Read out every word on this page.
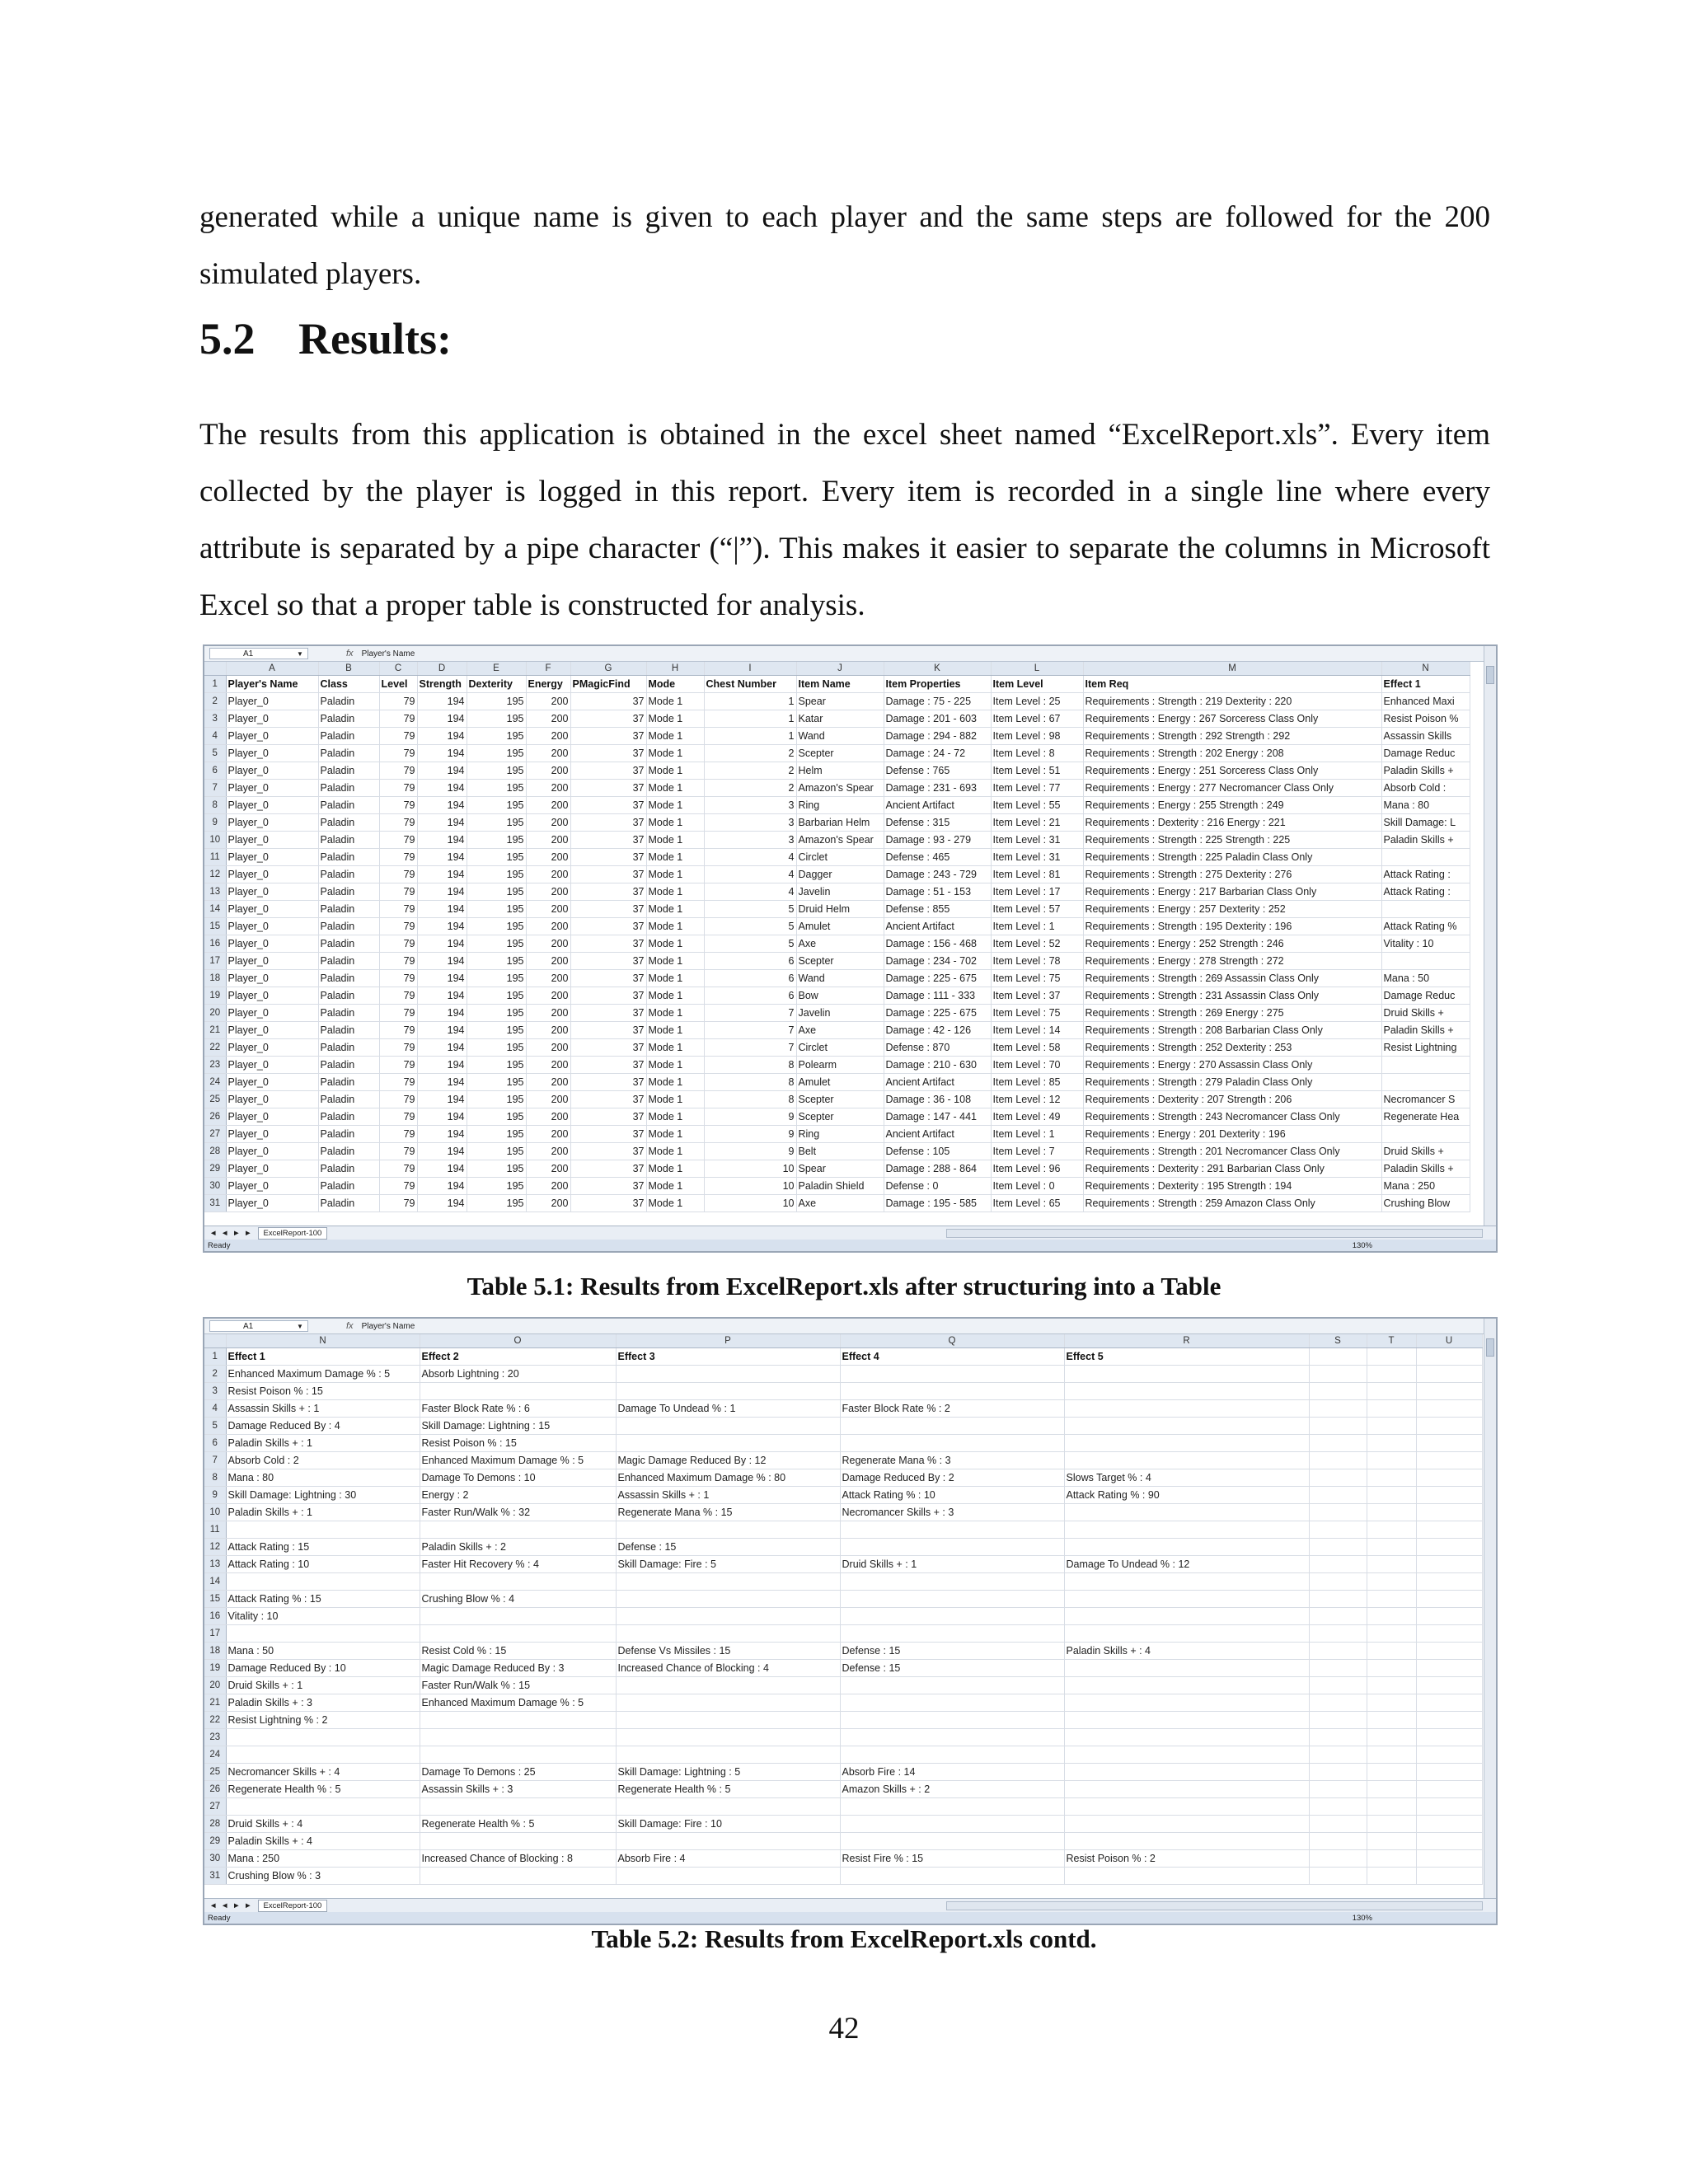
generated while a unique name is given to each player and the same steps are followed for the 200 simulated players.

5.2 Results:

The results from this application is obtained in the excel sheet named “ExcelReport.xls”. Every item collected by the player is logged in this report. Every item is recorded in a single line where every attribute is separated by a pipe character (“|”). This makes it easier to separate the columns in Microsoft Excel so that a proper table is constructed for analysis.

A1	▼	fx Player's Name
	A	B	C	D	E	F	G	H	I	J	K	L	M	N
1	Player's Name	Class	Level	Strength	Dexterity	Energy	PMagicFind	Mode	Chest Number	Item Name	Item Properties	Item Level	Item Req	Effect 1
2	Player_0	Paladin	79	194	195	200	37	Mode 1	1	Spear	Damage : 75 - 225	Item Level : 25	Requirements : Strength : 219 Dexterity : 220	Enhanced Maxi
3	Player_0	Paladin	79	194	195	200	37	Mode 1	1	Katar	Damage : 201 - 603	Item Level : 67	Requirements : Energy : 267 Sorceress Class Only	Resist Poison %
4	Player_0	Paladin	79	194	195	200	37	Mode 1	1	Wand	Damage : 294 - 882	Item Level : 98	Requirements : Strength : 292 Strength : 292	Assassin Skills
5	Player_0	Paladin	79	194	195	200	37	Mode 1	2	Scepter	Damage : 24 - 72	Item Level : 8	Requirements : Strength : 202 Energy : 208	Damage Reduc
6	Player_0	Paladin	79	194	195	200	37	Mode 1	2	Helm	Defense : 765	Item Level : 51	Requirements : Energy : 251 Sorceress Class Only	Paladin Skills +
7	Player_0	Paladin	79	194	195	200	37	Mode 1	2	Amazon's Spear	Damage : 231 - 693	Item Level : 77	Requirements : Energy : 277 Necromancer Class Only	Absorb Cold :
8	Player_0	Paladin	79	194	195	200	37	Mode 1	3	Ring	Ancient Artifact	Item Level : 55	Requirements : Energy : 255 Strength : 249	Mana : 80
9	Player_0	Paladin	79	194	195	200	37	Mode 1	3	Barbarian Helm	Defense : 315	Item Level : 21	Requirements : Dexterity : 216 Energy : 221	Skill Damage: L
10	Player_0	Paladin	79	194	195	200	37	Mode 1	3	Amazon's Spear	Damage : 93 - 279	Item Level : 31	Requirements : Strength : 225 Strength : 225	Paladin Skills +
11	Player_0	Paladin	79	194	195	200	37	Mode 1	4	Circlet	Defense : 465	Item Level : 31	Requirements : Strength : 225 Paladin Class Only	
12	Player_0	Paladin	79	194	195	200	37	Mode 1	4	Dagger	Damage : 243 - 729	Item Level : 81	Requirements : Strength : 275 Dexterity : 276	Attack Rating :
13	Player_0	Paladin	79	194	195	200	37	Mode 1	4	Javelin	Damage : 51 - 153	Item Level : 17	Requirements : Energy : 217 Barbarian Class Only	Attack Rating :
14	Player_0	Paladin	79	194	195	200	37	Mode 1	5	Druid Helm	Defense : 855	Item Level : 57	Requirements : Energy : 257 Dexterity : 252	
15	Player_0	Paladin	79	194	195	200	37	Mode 1	5	Amulet	Ancient Artifact	Item Level : 1	Requirements : Strength : 195 Dexterity : 196	Attack Rating %
16	Player_0	Paladin	79	194	195	200	37	Mode 1	5	Axe	Damage : 156 - 468	Item Level : 52	Requirements : Energy : 252 Strength : 246	Vitality : 10
17	Player_0	Paladin	79	194	195	200	37	Mode 1	6	Scepter	Damage : 234 - 702	Item Level : 78	Requirements : Energy : 278 Strength : 272	
18	Player_0	Paladin	79	194	195	200	37	Mode 1	6	Wand	Damage : 225 - 675	Item Level : 75	Requirements : Strength : 269 Assassin Class Only	Mana : 50
19	Player_0	Paladin	79	194	195	200	37	Mode 1	6	Bow	Damage : 111 - 333	Item Level : 37	Requirements : Strength : 231 Assassin Class Only	Damage Reduc
20	Player_0	Paladin	79	194	195	200	37	Mode 1	7	Javelin	Damage : 225 - 675	Item Level : 75	Requirements : Strength : 269 Energy : 275	Druid Skills +
21	Player_0	Paladin	79	194	195	200	37	Mode 1	7	Axe	Damage : 42 - 126	Item Level : 14	Requirements : Strength : 208 Barbarian Class Only	Paladin Skills +
22	Player_0	Paladin	79	194	195	200	37	Mode 1	7	Circlet	Defense : 870	Item Level : 58	Requirements : Strength : 252 Dexterity : 253	Resist Lightning
23	Player_0	Paladin	79	194	195	200	37	Mode 1	8	Polearm	Damage : 210 - 630	Item Level : 70	Requirements : Energy : 270 Assassin Class Only	
24	Player_0	Paladin	79	194	195	200	37	Mode 1	8	Amulet	Ancient Artifact	Item Level : 85	Requirements : Strength : 279 Paladin Class Only	
25	Player_0	Paladin	79	194	195	200	37	Mode 1	8	Scepter	Damage : 36 - 108	Item Level : 12	Requirements : Dexterity : 207 Strength : 206	Necromancer S
26	Player_0	Paladin	79	194	195	200	37	Mode 1	9	Scepter	Damage : 147 - 441	Item Level : 49	Requirements : Strength : 243 Necromancer Class Only	Regenerate Hea
27	Player_0	Paladin	79	194	195	200	37	Mode 1	9	Ring	Ancient Artifact	Item Level : 1	Requirements : Energy : 201 Dexterity : 196	
28	Player_0	Paladin	79	194	195	200	37	Mode 1	9	Belt	Defense : 105	Item Level : 7	Requirements : Strength : 201 Necromancer Class Only	Druid Skills +
29	Player_0	Paladin	79	194	195	200	37	Mode 1	10	Spear	Damage : 288 - 864	Item Level : 96	Requirements : Dexterity : 291 Barbarian Class Only	Paladin Skills +
30	Player_0	Paladin	79	194	195	200	37	Mode 1	10	Paladin Shield	Defense : 0	Item Level : 0	Requirements : Dexterity : 195 Strength : 194	Mana : 250
31	Player_0	Paladin	79	194	195	200	37	Mode 1	10	Axe	Damage : 195 - 585	Item Level : 65	Requirements : Strength : 259 Amazon Class Only	Crushing Blow
◄ ◄ ► ►	ExcelReport-100
Ready	130%

Table 5.1: Results from ExcelReport.xls after structuring into a Table

A1	▼	fx Player's Name
	N	O	P	Q	R	S	T	U
1	Effect 1	Effect 2	Effect 3	Effect 4	Effect 5			
2	Enhanced Maximum Damage % : 5	Absorb Lightning : 20						
3	Resist Poison % : 15							
4	Assassin Skills + : 1	Faster Block Rate % : 6	Damage To Undead % : 1	Faster Block Rate % : 2				
5	Damage Reduced By : 4	Skill Damage: Lightning : 15						
6	Paladin Skills + : 1	Resist Poison % : 15						
7	Absorb Cold : 2	Enhanced Maximum Damage % : 5	Magic Damage Reduced By : 12	Regenerate Mana % : 3				
8	Mana : 80	Damage To Demons : 10	Enhanced Maximum Damage % : 80	Damage Reduced By : 2	Slows Target % : 4			
9	Skill Damage: Lightning : 30	Energy : 2	Assassin Skills + : 1	Attack Rating % : 10	Attack Rating % : 90			
10	Paladin Skills + : 1	Faster Run/Walk % : 32	Regenerate Mana % : 15	Necromancer Skills + : 3				
11								
12	Attack Rating : 15	Paladin Skills + : 2	Defense : 15					
13	Attack Rating : 10	Faster Hit Recovery % : 4	Skill Damage: Fire : 5	Druid Skills + : 1	Damage To Undead % : 12			
14								
15	Attack Rating % : 15	Crushing Blow % : 4						
16	Vitality : 10							
17								
18	Mana : 50	Resist Cold % : 15	Defense Vs Missiles : 15	Defense : 15	Paladin Skills + : 4			
19	Damage Reduced By : 10	Magic Damage Reduced By : 3	Increased Chance of Blocking : 4	Defense : 15				
20	Druid Skills + : 1	Faster Run/Walk % : 15						
21	Paladin Skills + : 3	Enhanced Maximum Damage % : 5						
22	Resist Lightning % : 2							
23								
24								
25	Necromancer Skills + : 4	Damage To Demons : 25	Skill Damage: Lightning : 5	Absorb Fire : 14				
26	Regenerate Health % : 5	Assassin Skills + : 3	Regenerate Health % : 5	Amazon Skills + : 2				
27								
28	Druid Skills + : 4	Regenerate Health % : 5	Skill Damage: Fire : 10					
29	Paladin Skills + : 4							
30	Mana : 250	Increased Chance of Blocking : 8	Absorb Fire : 4	Resist Fire % : 15	Resist Poison % : 2			
31	Crushing Blow % : 3							
◄ ◄ ► ►	ExcelReport-100
Ready	130%

Table 5.2: Results from ExcelReport.xls contd.

42
